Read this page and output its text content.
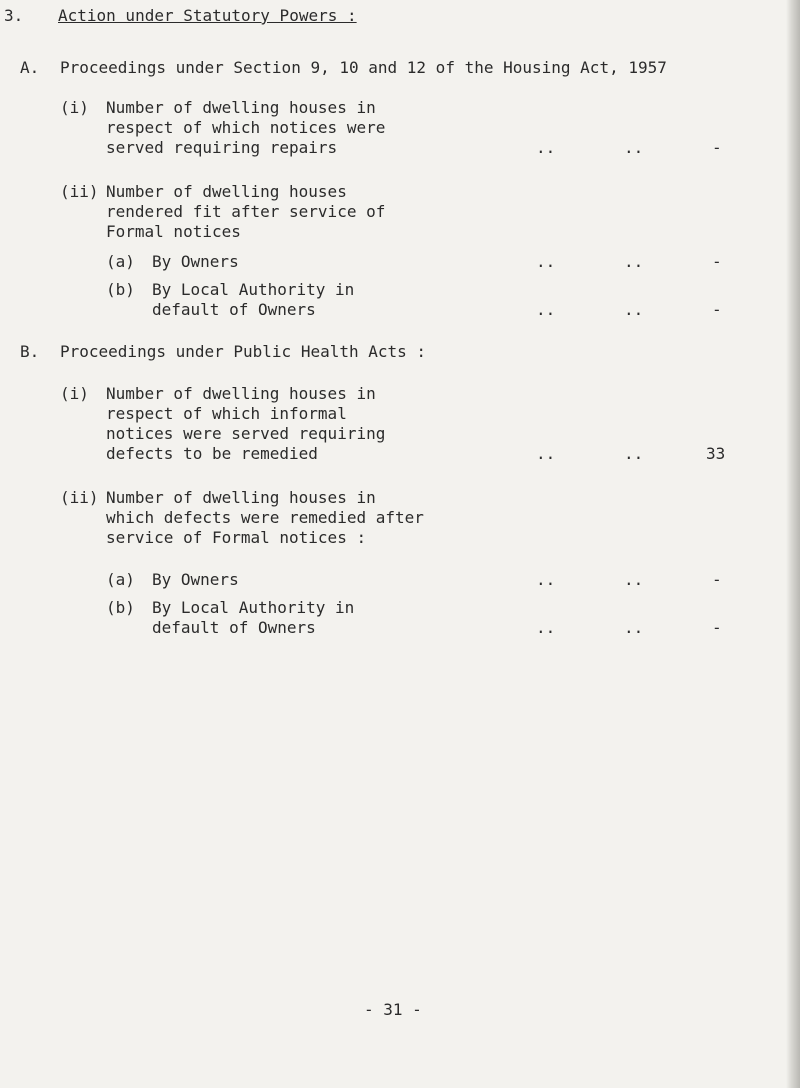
3. Action under Statutory Powers :
A. Proceedings under Section 9, 10 and 12 of the Housing Act, 1957
(i) Number of dwelling houses in
respect of which notices were
served requiring repairs	..	..	-
(ii) Number of dwelling houses
rendered fit after service of
Formal notices
(a) By Owners	..	..	-
(b) By Local Authority in
default of Owners	..	..	-
B. Proceedings under Public Health Acts :
(i) Number of dwelling houses in
respect of which informal
notices were served requiring
defects to be remedied	..	..	33
(ii) Number of dwelling houses in
which defects were remedied after
service of Formal notices :
(a) By Owners	..	..	-
(b) By Local Authority in
default of Owners	..	..	-
- 31 -
